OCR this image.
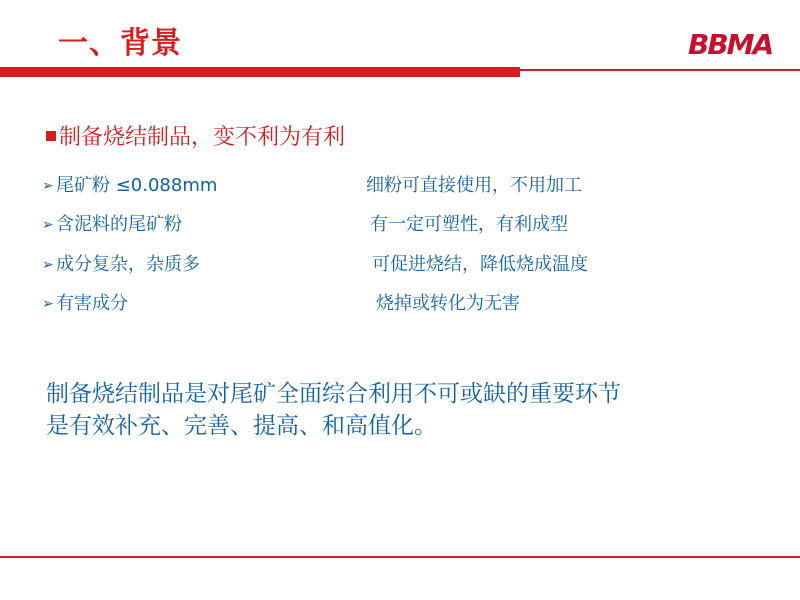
一、背景	BBMA
制备烧结制品，变不利为有利
➢ 尾矿粉 ≤0.088mm	细粉可直接使用，不用加工
➢ 含泥料的尾矿粉	有一定可塑性，有利成型
➢ 成分复杂，杂质多	可促进烧结，降低烧成温度
➢ 有害成分	烧掉或转化为无害
制备烧结制品是对尾矿全面综合利用不可或缺的重要环节
是有效补充、完善、提高、和高值化。
